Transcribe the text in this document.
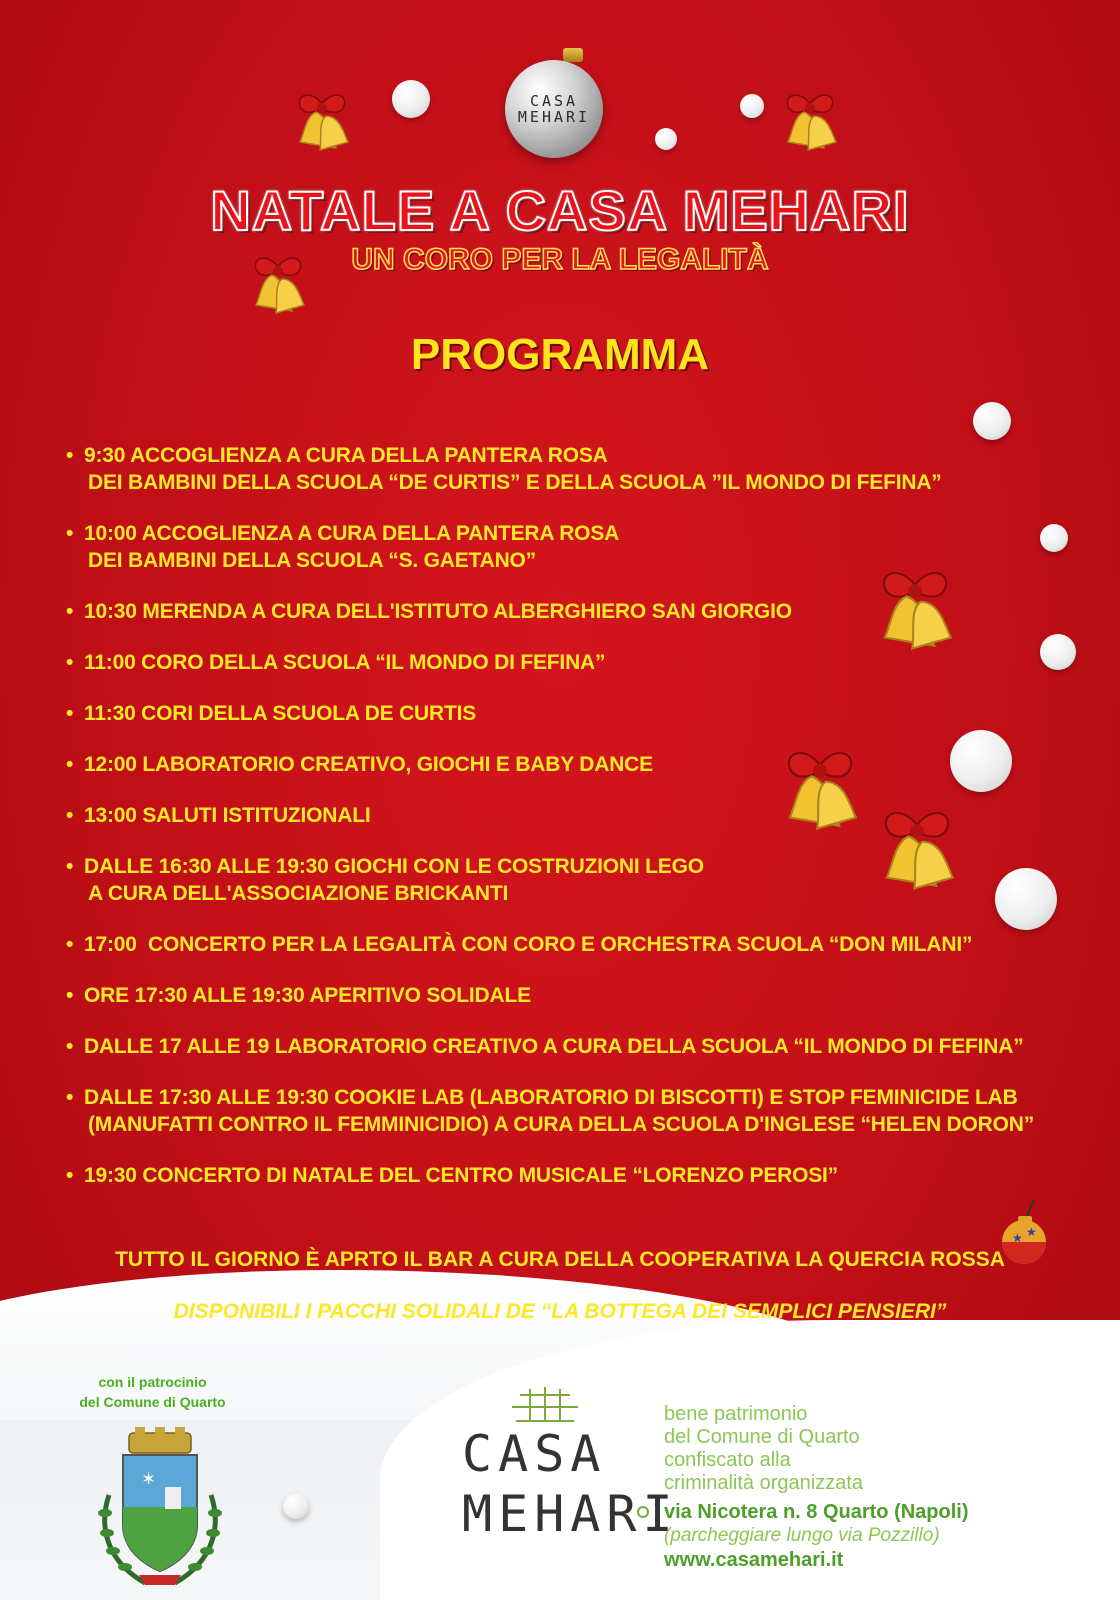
CASA
MEHARI
★ ★
NATALE A CASA MEHARI
UN CORO PER LA LEGALITÀ
PROGRAMMA
• 9:30 ACCOGLIENZA A CURA DELLA PANTERA ROSA
DEI BAMBINI DELLA SCUOLA “DE CURTIS” E DELLA SCUOLA ”IL MONDO DI FEFINA”
• 10:00 ACCOGLIENZA A CURA DELLA PANTERA ROSA
DEI BAMBINI DELLA SCUOLA “S. GAETANO”
• 10:30 MERENDA A CURA DELL'ISTITUTO ALBERGHIERO SAN GIORGIO
• 11:00 CORO DELLA SCUOLA “IL MONDO DI FEFINA”
• 11:30 CORI DELLA SCUOLA DE CURTIS
• 12:00 LABORATORIO CREATIVO, GIOCHI E BABY DANCE
• 13:00 SALUTI ISTITUZIONALI
• DALLE 16:30 ALLE 19:30 GIOCHI CON LE COSTRUZIONI LEGO
A CURA DELL'ASSOCIAZIONE BRICKANTI
• 17:00  CONCERTO PER LA LEGALITÀ CON CORO E ORCHESTRA SCUOLA “DON MILANI”
• ORE 17:30 ALLE 19:30 APERITIVO SOLIDALE
• DALLE 17 ALLE 19 LABORATORIO CREATIVO A CURA DELLA SCUOLA “IL MONDO DI FEFINA”
• DALLE 17:30 ALLE 19:30 COOKIE LAB (LABORATORIO DI BISCOTTI) E STOP FEMINICIDE LAB
(MANUFATTI CONTRO IL FEMMINICIDIO) A CURA DELLA SCUOLA D'INGLESE “HELEN DORON”
• 19:30 CONCERTO DI NATALE DEL CENTRO MUSICALE “LORENZO PEROSI”
TUTTO IL GIORNO È APRTO IL BAR A CURA DELLA COOPERATIVA LA QUERCIA ROSSA
DISPONIBILI I PACCHI SOLIDALI DE “LA BOTTEGA DEI SEMPLICI PENSIERI”
con il patrocinio
del Comune di Quarto
✶	CASA
MEHARI
bene patrimonio
del Comune di Quarto
confiscato alla
criminalità organizzata
via Nicotera n. 8 Quarto (Napoli)
(parcheggiare lungo via Pozzillo)
www.casamehari.it
